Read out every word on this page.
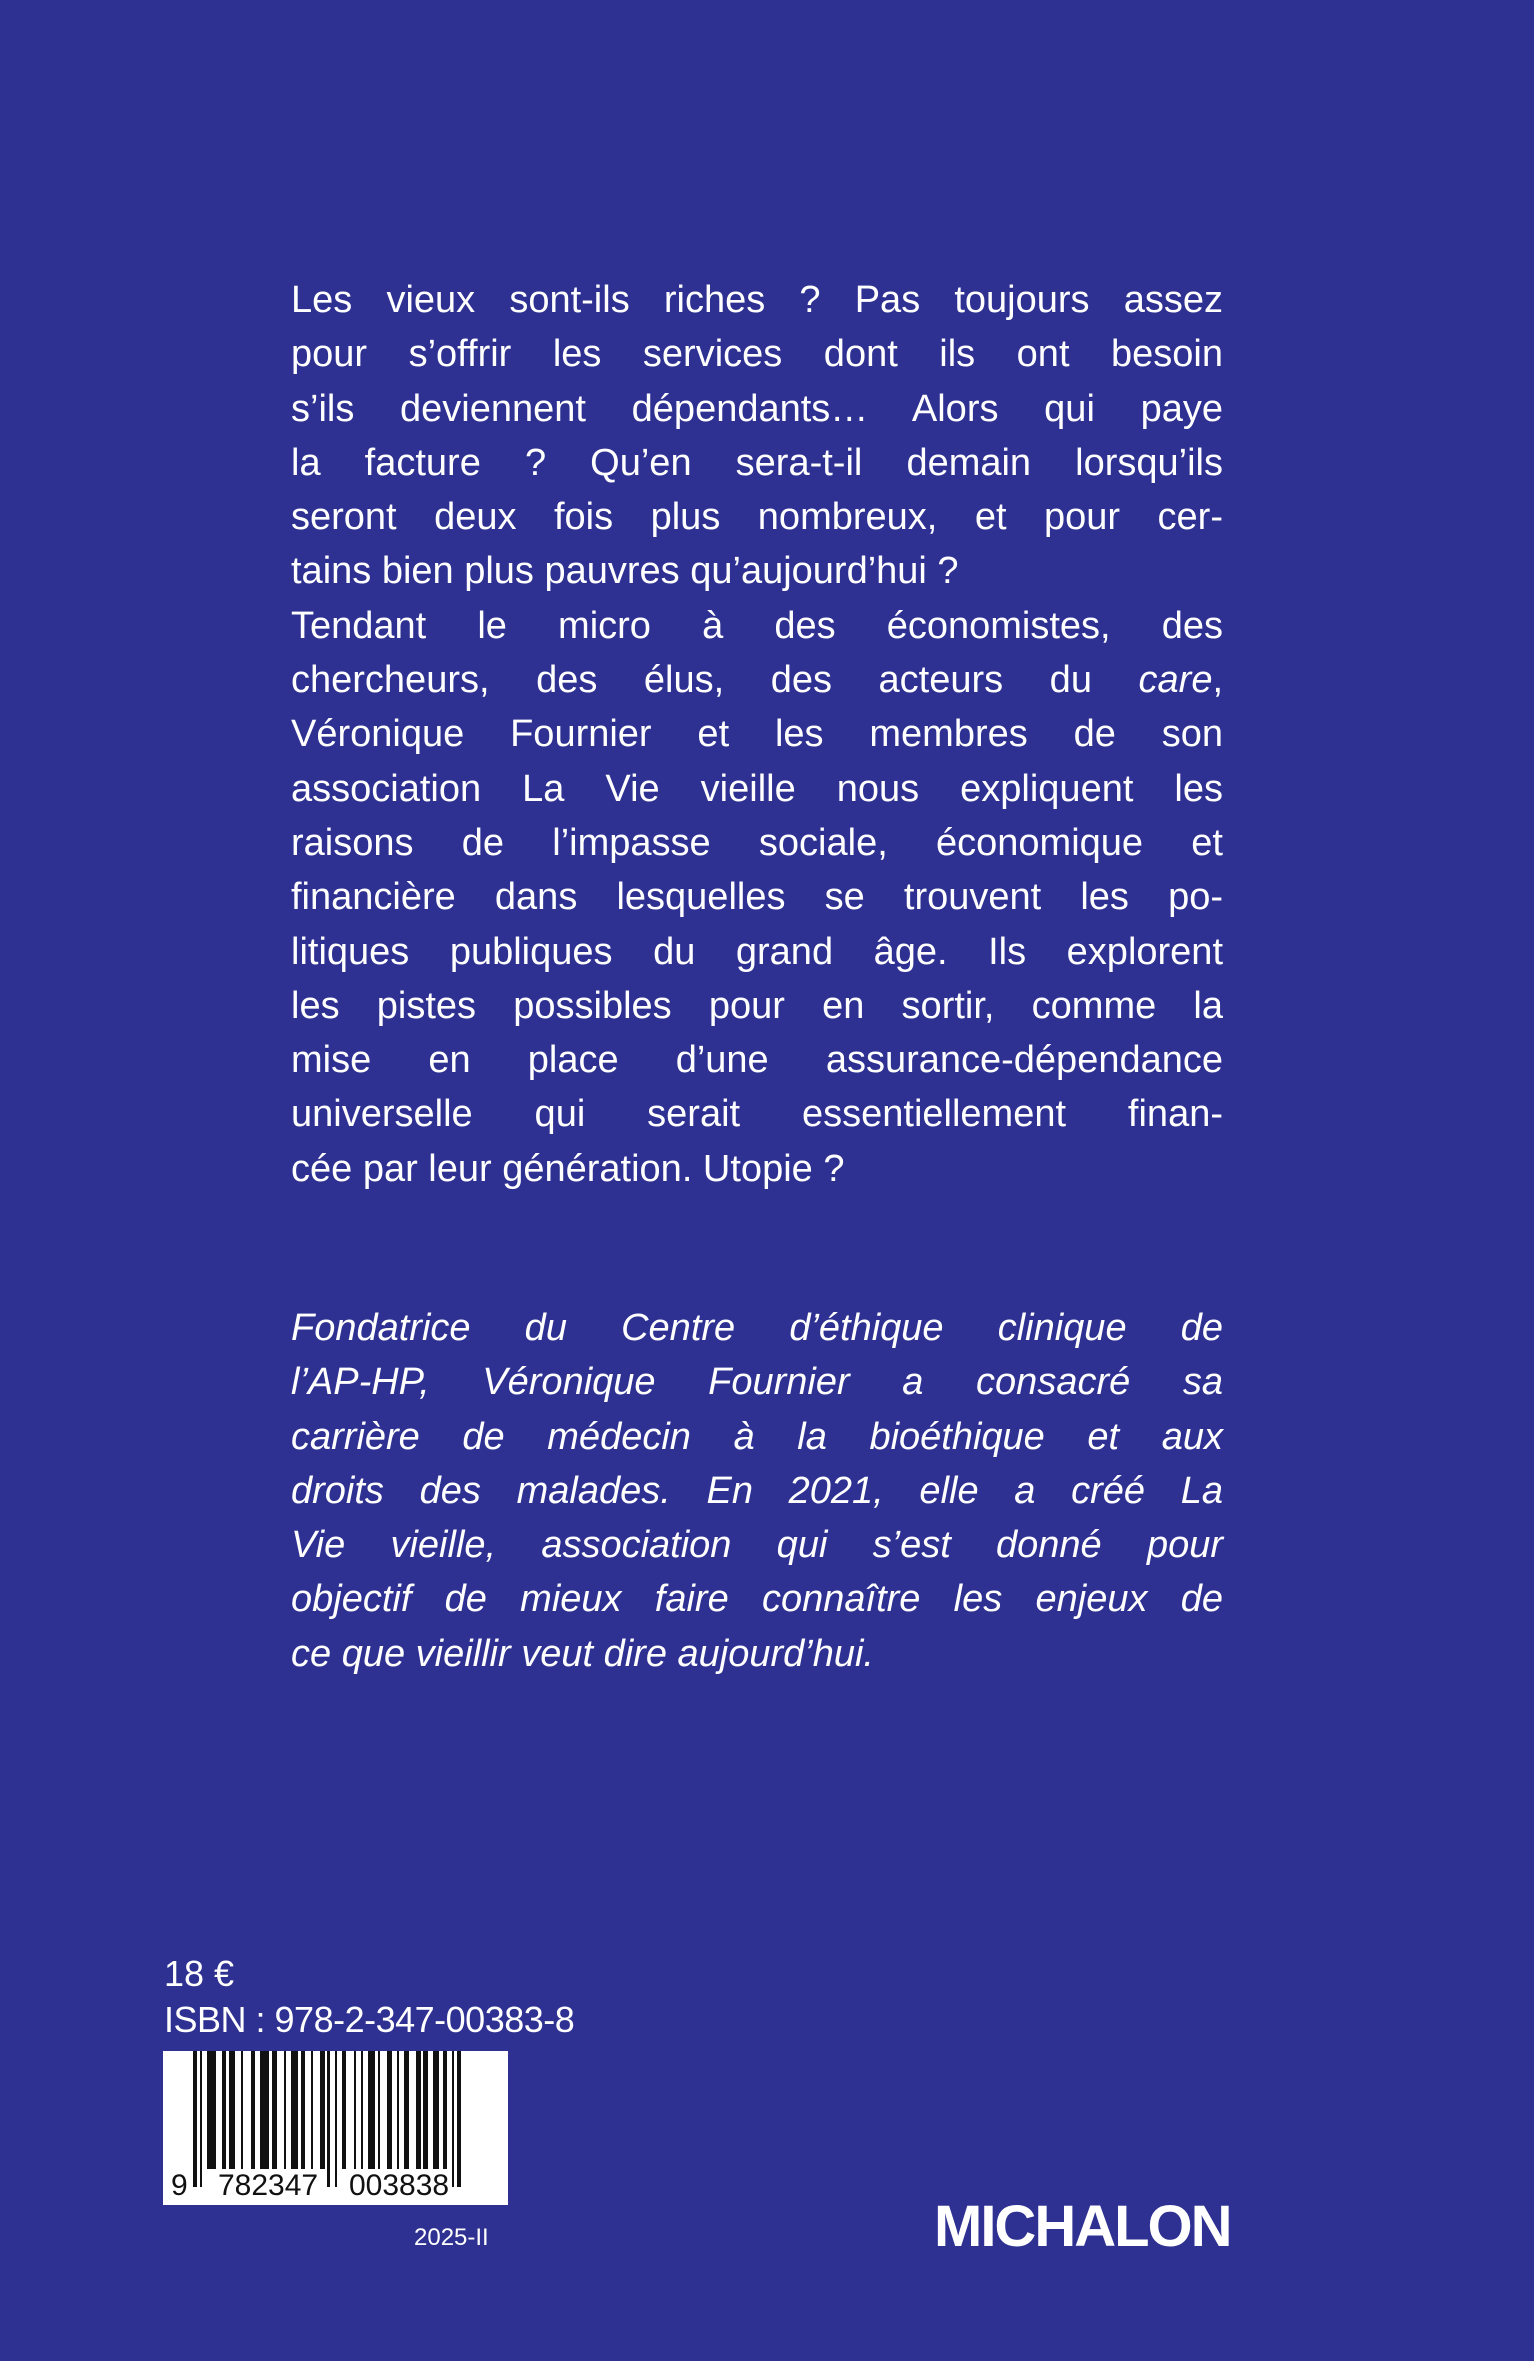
Les vieux sont-ils riches ? Pas toujours assez
pour s’offrir les services dont ils ont besoin
s’ils deviennent dépendants… Alors qui paye
la facture ? Qu’en sera-t-il demain lorsqu’ils
seront deux fois plus nombreux, et pour cer-
tains bien plus pauvres qu’aujourd’hui ?
Tendant le micro à des économistes, des
chercheurs, des élus, des acteurs du care,
Véronique Fournier et les membres de son
association La Vie vieille nous expliquent les
raisons de l’impasse sociale, économique et
financière dans lesquelles se trouvent les po-
litiques publiques du grand âge. Ils explorent
les pistes possibles pour en sortir, comme la
mise en place d’une assurance-dépendance
universelle qui serait essentiellement finan-
cée par leur génération. Utopie ?
Fondatrice du Centre d’éthique clinique de
l’AP-HP, Véronique Fournier a consacré sa
carrière de médecin à la bioéthique et aux
droits des malades. En 2021, elle a créé La
Vie vieille, association qui s’est donné pour
objectif de mieux faire connaître les enjeux de
ce que vieillir veut dire aujourd’hui.
18 €
ISBN : 978-2-347-00383-8
9 782347 003838
2025-II	MICHALON
